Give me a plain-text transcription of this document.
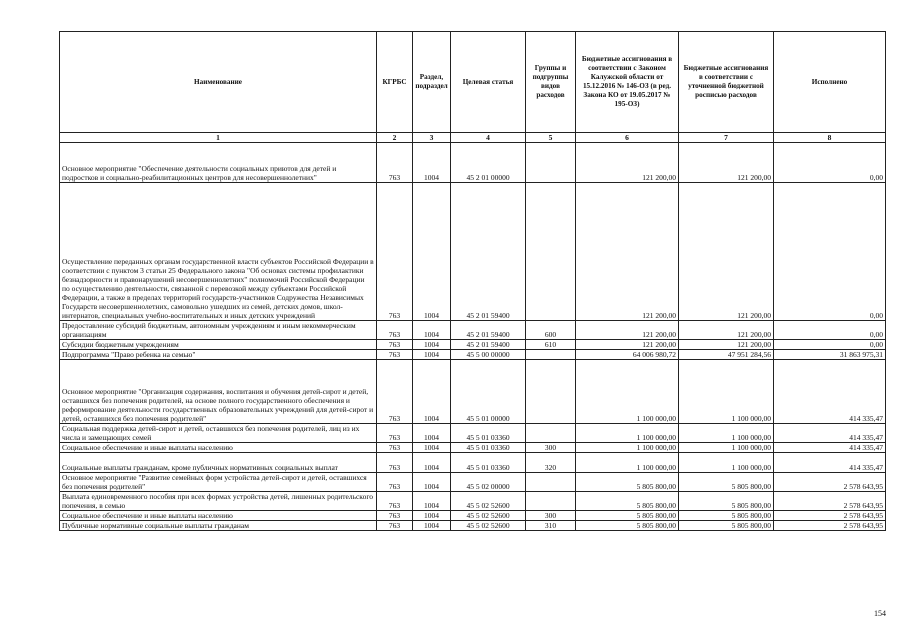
Наименование	КГРБС	Раздел, подраздел	Целевая статья	Группы и подгруппы видов расходов	Бюджетные ассигнования в соответствии с Законом Калужской области от 15.12.2016 № 146-ОЗ (в ред. Закона КО от 19.05.2017 № 195-ОЗ)	Бюджетные ассигнования в соответствии с уточненной бюджетной росписью расходов	Исполнено
1	2	3	4	5	6	7	8
Основное мероприятие "Обеспечение деятельности социальных приютов для детей и подростков и социально-реабилитационных центров для несовершеннолетних"	763	1004	45 2 01 00000		121 200,00	121 200,00	0,00
Осуществление переданных органам государственной власти субъектов Российской Федерации в соответствии с пунктом 3 статьи 25 Федерального закона "Об основах системы профилактики безнадзорности и правонарушений несовершеннолетних" полномочий Российской Федерации по осуществлению деятельности, связанной с перевозкой между субъектами Российской Федерации, а также в пределах территорий государств-участников Содружества Независимых Государств несовершеннолетних, самовольно ушедших из семей, детских домов, школ-интернатов, специальных учебно-воспитательных и иных детских учреждений	763	1004	45 2 01 59400		121 200,00	121 200,00	0,00
Предоставление субсидий бюджетным, автономным учреждениям и иным некоммерческим организациям	763	1004	45 2 01 59400	600	121 200,00	121 200,00	0,00
Субсидии бюджетным учреждениям	763	1004	45 2 01 59400	610	121 200,00	121 200,00	0,00
Подпрограмма "Право ребенка на семью"	763	1004	45 5 00 00000		64 006 980,72	47 951 284,56	31 863 975,31
Основное мероприятие "Организация содержания, воспитания и обучения детей-сирот и детей, оставшихся без попечения родителей, на основе полного государственного обеспечения и реформирование деятельности государственных образовательных учреждений для детей-сирот и детей, оставшихся без попечения родителей"	763	1004	45 5 01 00000		1 100 000,00	1 100 000,00	414 335,47
Социальная поддержка детей-сирот и детей, оставшихся без попечения родителей, лиц из их числа и замещающих семей	763	1004	45 5 01 03360		1 100 000,00	1 100 000,00	414 335,47
Социальное обеспечение и иные выплаты населению	763	1004	45 5 01 03360	300	1 100 000,00	1 100 000,00	414 335,47
Социальные выплаты гражданам, кроме публичных нормативных социальных выплат	763	1004	45 5 01 03360	320	1 100 000,00	1 100 000,00	414 335,47
Основное мероприятие "Развитие семейных форм устройства детей-сирот и детей, оставшихся без попечения родителей"	763	1004	45 5 02 00000		5 805 800,00	5 805 800,00	2 578 643,95
Выплата единовременного пособия при всех формах устройства детей, лишенных родительского попечения, в семью	763	1004	45 5 02 52600		5 805 800,00	5 805 800,00	2 578 643,95
Социальное обеспечение и иные выплаты населению	763	1004	45 5 02 52600	300	5 805 800,00	5 805 800,00	2 578 643,95
Публичные нормативные социальные выплаты гражданам	763	1004	45 5 02 52600	310	5 805 800,00	5 805 800,00	2 578 643,95
154
